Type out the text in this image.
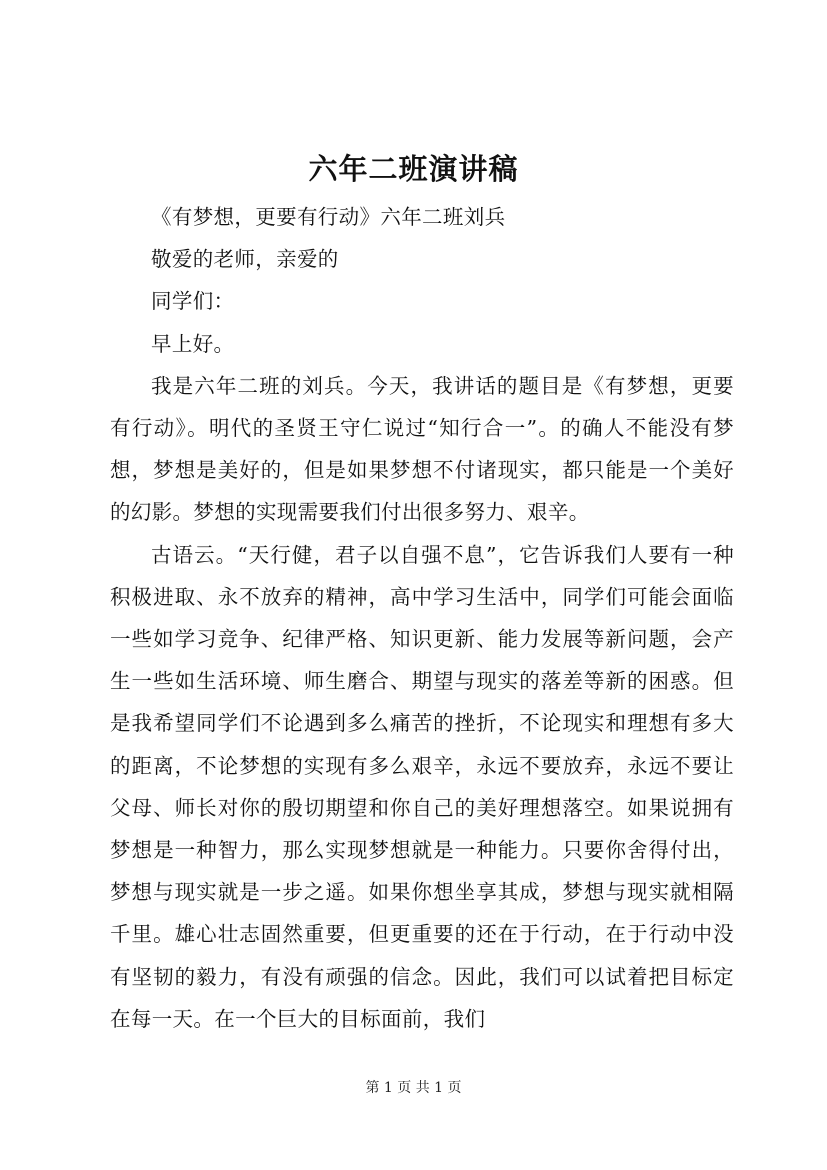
六年二班演讲稿

《有梦想，更要有行动》六年二班刘兵

敬爱的老师，亲爱的

同学们：

早上好。

我是六年二班的刘兵。今天，我讲话的题目是《有梦想，更要有行动》。明代的圣贤王守仁说过“知行合一”。的确人不能没有梦想，梦想是美好的，但是如果梦想不付诸现实，都只能是一个美好的幻影。梦想的实现需要我们付出很多努力、艰辛。

古语云。“天行健，君子以自强不息”，它告诉我们人要有一种积极进取、永不放弃的精神，高中学习生活中，同学们可能会面临一些如学习竞争、纪律严格、知识更新、能力发展等新问题，会产生一些如生活环境、师生磨合、期望与现实的落差等新的困惑。但是我希望同学们不论遇到多么痛苦的挫折，不论现实和理想有多大的距离，不论梦想的实现有多么艰辛，永远不要放弃，永远不要让父母、师长对你的殷切期望和你自己的美好理想落空。如果说拥有梦想是一种智力，那么实现梦想就是一种能力。只要你舍得付出，梦想与现实就是一步之遥。如果你想坐享其成，梦想与现实就相隔千里。雄心壮志固然重要，但更重要的还在于行动，在于行动中没有坚韧的毅力，有没有顽强的信念。因此，我们可以试着把目标定在每一天。在一个巨大的目标面前，我们

第 1 页 共 1 页
